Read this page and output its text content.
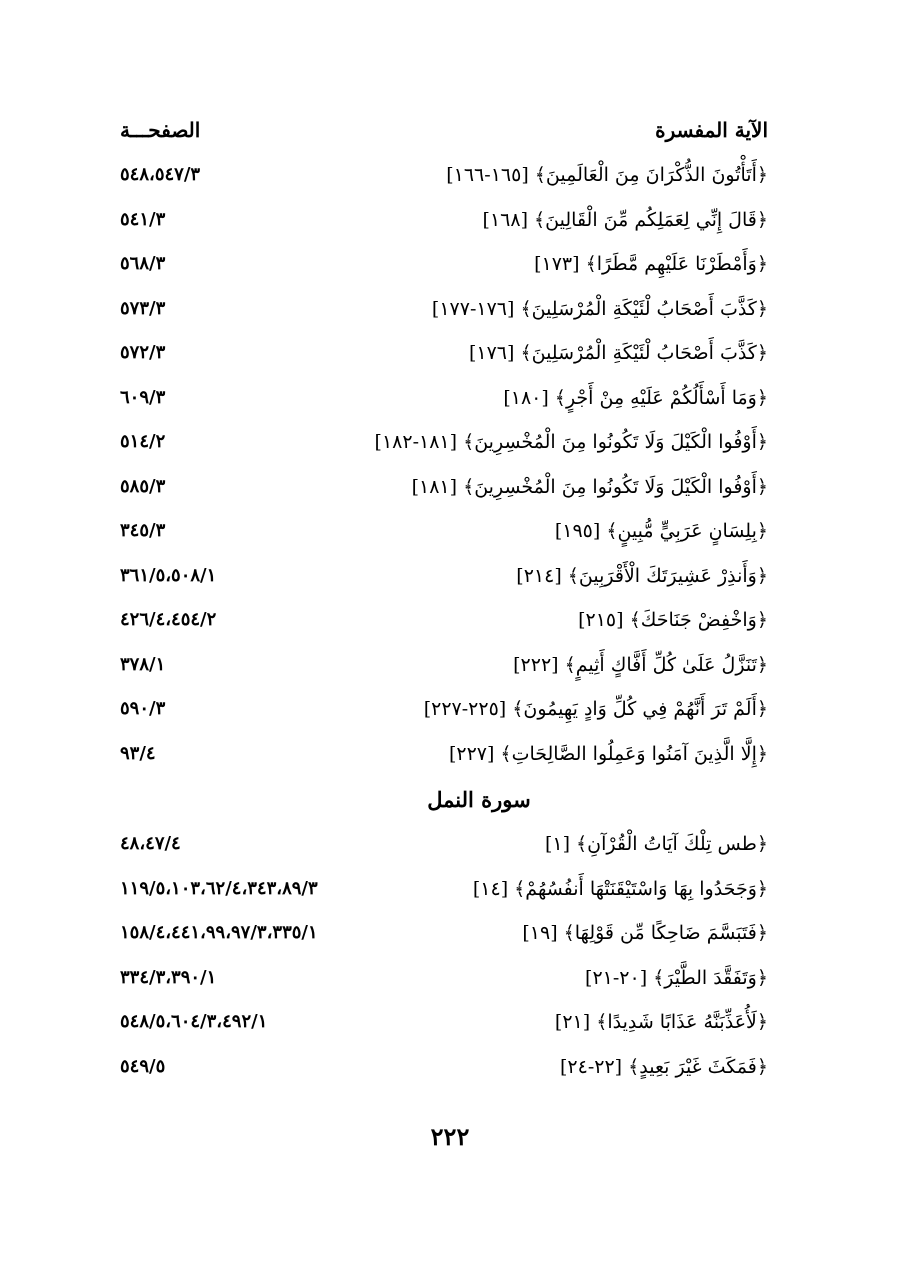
الآية المفسرة
الصفحـــة
﴿أَتَأْتُونَ الذُّكْرَانَ مِنَ الْعَالَمِينَ﴾ [١٦٥-١٦٦]
٥٤٨،٥٤٧/٣
﴿قَالَ إِنِّي لِعَمَلِكُم مِّنَ الْقَالِينَ﴾ [١٦٨]
٥٤١/٣
﴿وَأَمْطَرْنَا عَلَيْهِم مَّطَرًا﴾ [١٧٣]
٥٦٨/٣
﴿كَذَّبَ أَصْحَابُ لْئَيْكَةِ الْمُرْسَلِينَ﴾ [١٧٦-١٧٧]
٥٧٣/٣
﴿كَذَّبَ أَصْحَابُ لْئَيْكَةِ الْمُرْسَلِينَ﴾ [١٧٦]
٥٧٢/٣
﴿وَمَا أَسْأَلُكُمْ عَلَيْهِ مِنْ أَجْرٍ﴾ [١٨٠]
٦٠٩/٣
﴿أَوْفُوا الْكَيْلَ وَلَا تَكُونُوا مِنَ الْمُخْسِرِينَ﴾ [١٨١-١٨٢]
٥١٤/٢
﴿أَوْفُوا الْكَيْلَ وَلَا تَكُونُوا مِنَ الْمُخْسِرِينَ﴾ [١٨١]
٥٨٥/٣
﴿بِلِسَانٍ عَرَبِيٍّ مُّبِينٍ﴾ [١٩٥]
٣٤٥/٣
﴿وَأَنذِرْ عَشِيرَتَكَ الْأَقْرَبِينَ﴾ [٢١٤]
٣٦١/٥،٥٠٨/١
﴿وَاخْفِضْ جَنَاحَكَ﴾ [٢١٥]
٤٢٦/٤،٤٥٤/٢
﴿تَنَزَّلُ عَلَىٰ كُلِّ أَفَّاكٍ أَثِيمٍ﴾ [٢٢٢]
٣٧٨/١
﴿أَلَمْ تَرَ أَنَّهُمْ فِي كُلِّ وَادٍ يَهِيمُونَ﴾ [٢٢٥-٢٢٧]
٥٩٠/٣
﴿إِلَّا الَّذِينَ آمَنُوا وَعَمِلُوا الصَّالِحَاتِ﴾ [٢٢٧]
٩٣/٤
سورة النمل
﴿طس تِلْكَ آيَاتُ الْقُرْآنِ﴾ [١]
٤٨،٤٧/٤
﴿وَجَحَدُوا بِهَا وَاسْتَيْقَنَتْهَا أَنفُسُهُمْ﴾ [١٤]
١١٩/٥،١٠٣،٦٢/٤،٣٤٣،٨٩/٣
﴿فَتَبَسَّمَ ضَاحِكًا مِّن قَوْلِهَا﴾ [١٩]
١٥٨/٤،٤٤١،٩٩،٩٧/٣،٣٣٥/١
﴿وَتَفَقَّدَ الطَّيْرَ﴾ [٢٠-٢١]
٣٣٤/٣،٣٩٠/١
﴿لَأُعَذِّبَنَّهُ عَذَابًا شَدِيدًا﴾ [٢١]
٥٤٨/٥،٦٠٤/٣،٤٩٢/١
﴿فَمَكَثَ غَيْرَ بَعِيدٍ﴾ [٢٢-٢٤]
٥٤٩/٥
٢٢٢
